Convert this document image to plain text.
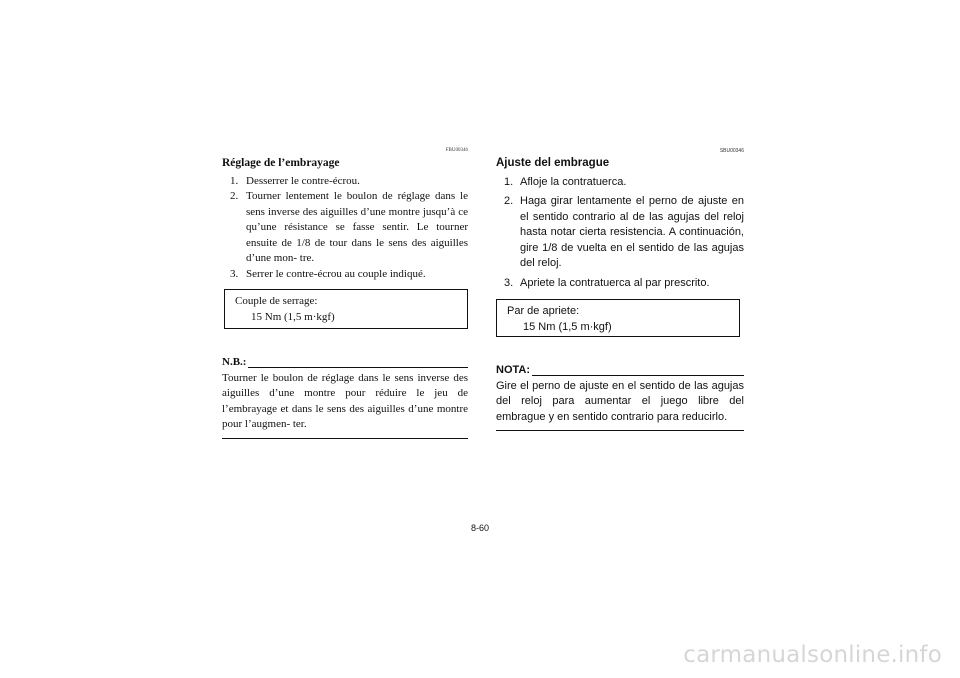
FBU00346
Réglage de l’embrayage
1. Desserrer le contre-écrou.
2. Tourner lentement le boulon de réglage dans le sens inverse des aiguilles d’une montre jusqu’à ce qu’une résistance se fasse sentir. Le tourner ensuite de 1/8 de tour dans le sens des aiguilles d’une mon- tre.
3. Serrer le contre-écrou au couple indiqué.
Couple de serrage:
15 Nm (1,5 m·kgf)
N.B.:
Tourner le boulon de réglage dans le sens inverse des aiguilles d’une montre pour réduire le jeu de l’embrayage et dans le sens des aiguilles d’une montre pour l’augmen- ter.
SBU00346
Ajuste del embrague
1. Afloje la contratuerca.
2. Haga girar lentamente el perno de ajuste en el sentido contrario al de las agujas del reloj hasta notar cierta resistencia. A continuación, gire 1/8 de vuelta en el sentido de las agujas del reloj.
3. Apriete la contratuerca al par prescrito.
Par de apriete:
15 Nm (1,5 m·kgf)
NOTA:
Gire el perno de ajuste en el sentido de las agujas del reloj para aumentar el juego libre del embrague y en sentido contrario para reducirlo.
8-60
carmanualsonline.info
